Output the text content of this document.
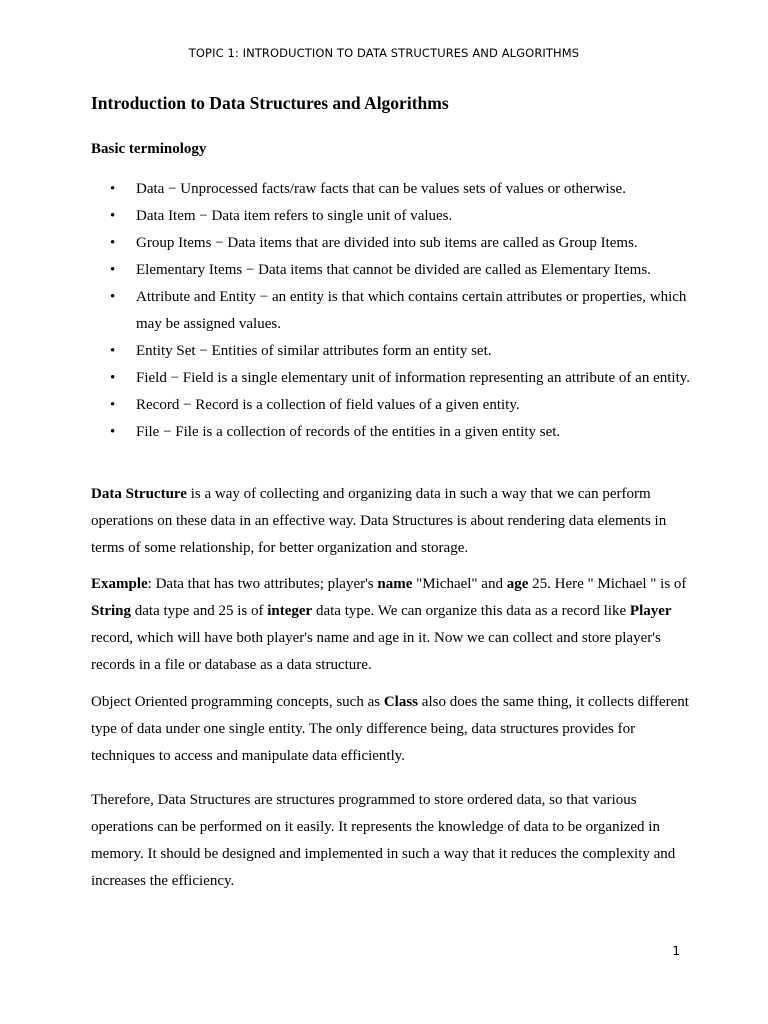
TOPIC 1: INTRODUCTION TO DATA STRUCTURES AND ALGORITHMS
Introduction to Data Structures and Algorithms
Basic terminology
• Data − Unprocessed facts/raw facts that can be values sets of values or otherwise.
• Data Item − Data item refers to single unit of values.
• Group Items − Data items that are divided into sub items are called as Group Items.
• Elementary Items − Data items that cannot be divided are called as Elementary Items.
• Attribute and Entity − an entity is that which contains certain attributes or properties, which may be assigned values.
• Entity Set − Entities of similar attributes form an entity set.
• Field − Field is a single elementary unit of information representing an attribute of an entity.
• Record − Record is a collection of field values of a given entity.
• File − File is a collection of records of the entities in a given entity set.

Data Structure is a way of collecting and organizing data in such a way that we can perform operations on these data in an effective way. Data Structures is about rendering data elements in terms of some relationship, for better organization and storage.

Example: Data that has two attributes; player's name "Michael" and age 25. Here " Michael " is of String data type and 25 is of integer data type. We can organize this data as a record like Player record, which will have both player's name and age in it. Now we can collect and store player's records in a file or database as a data structure.

Object Oriented programming concepts, such as Class also does the same thing, it collects different type of data under one single entity. The only difference being, data structures provides for techniques to access and manipulate data efficiently.

Therefore, Data Structures are structures programmed to store ordered data, so that various operations can be performed on it easily. It represents the knowledge of data to be organized in memory. It should be designed and implemented in such a way that it reduces the complexity and increases the efficiency.

1
